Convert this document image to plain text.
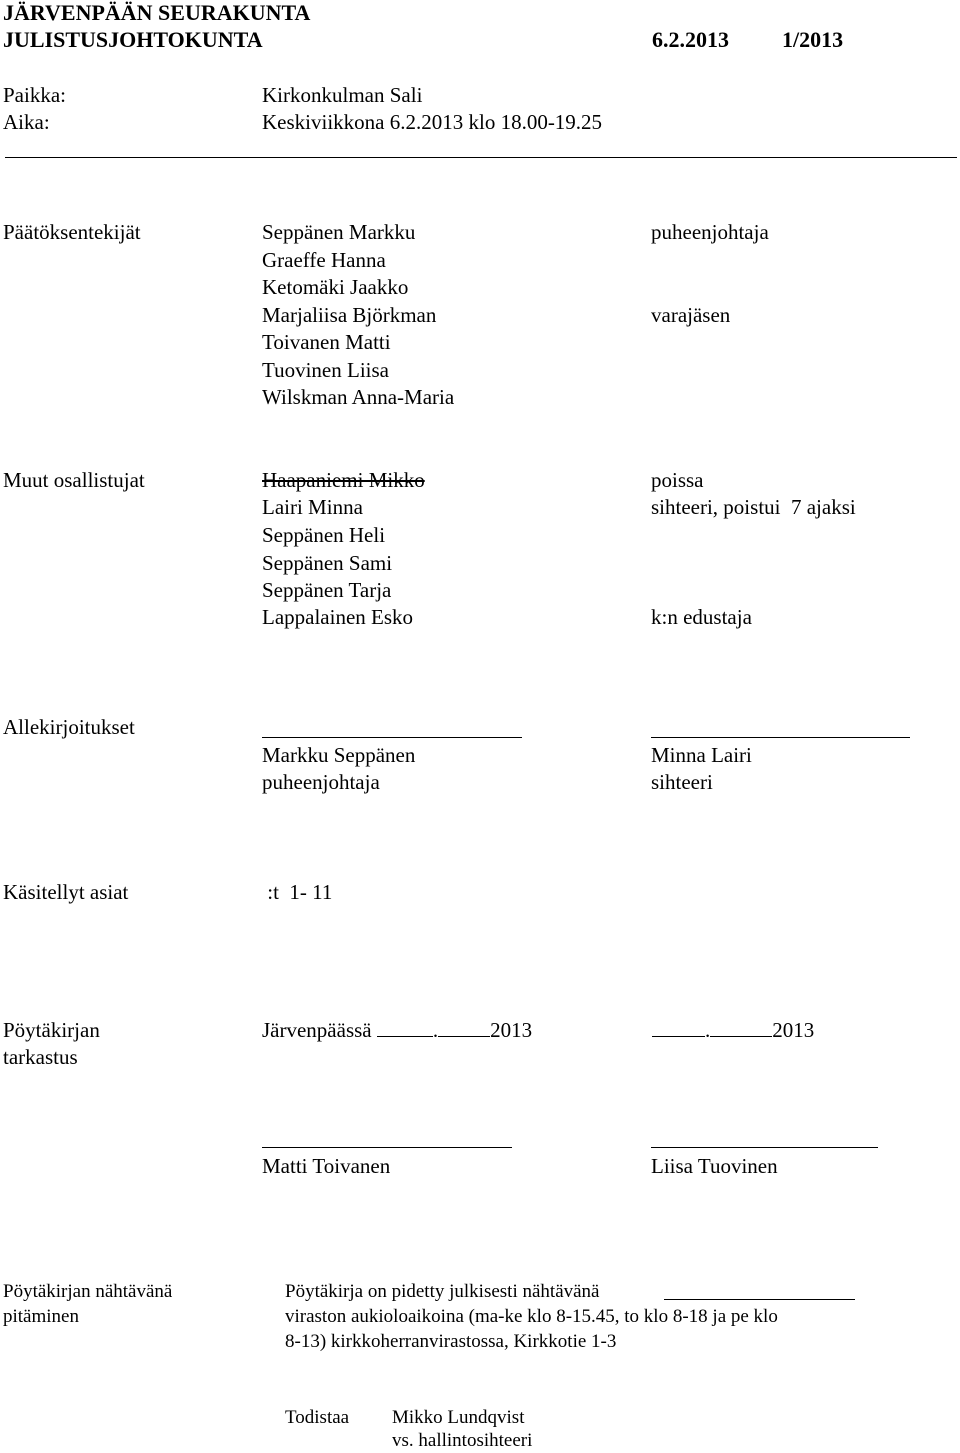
JÄRVENPÄÄN SEURAKUNTA
JULISTUSJOHTOKUNTA	6.2.2013 1/2013
Paikka:	Kirkonkulman Sali
Aika:	Keskiviikkona 6.2.2013 klo 18.00-19.25
Päätöksentekijät	Seppänen Markku	puheenjohtaja
Graeffe Hanna
Ketomäki Jaakko
Marjaliisa Björkman	varajäsen
Toivanen Matti
Tuovinen Liisa
Wilskman Anna-Maria
Muut osallistujat	Haapaniemi Mikko	poissa
Lairi Minna	sihteeri, poistui  7 ajaksi
Seppänen Heli
Seppänen Sami
Seppänen Tarja
Lappalainen Esko	k:n edustaja
Allekirjoitukset
Markku Seppänen	Minna Lairi
puheenjohtaja	sihteeri
Käsitellyt asiat	:t  1- 11
Pöytäkirjan
tarkastus
Järvenpäässä	. 2013	.	2013
Matti Toivanen	Liisa Tuovinen
Pöytäkirjan nähtävänä
pitäminen
Pöytäkirja on pidetty julkisesti nähtävänä
viraston aukioloaikoina (ma-ke klo 8-15.45, to klo 8-18 ja pe klo
8-13) kirkkoherranvirastossa, Kirkkotie 1-3
Todistaa Mikko Lundqvist
vs. hallintosihteeri
